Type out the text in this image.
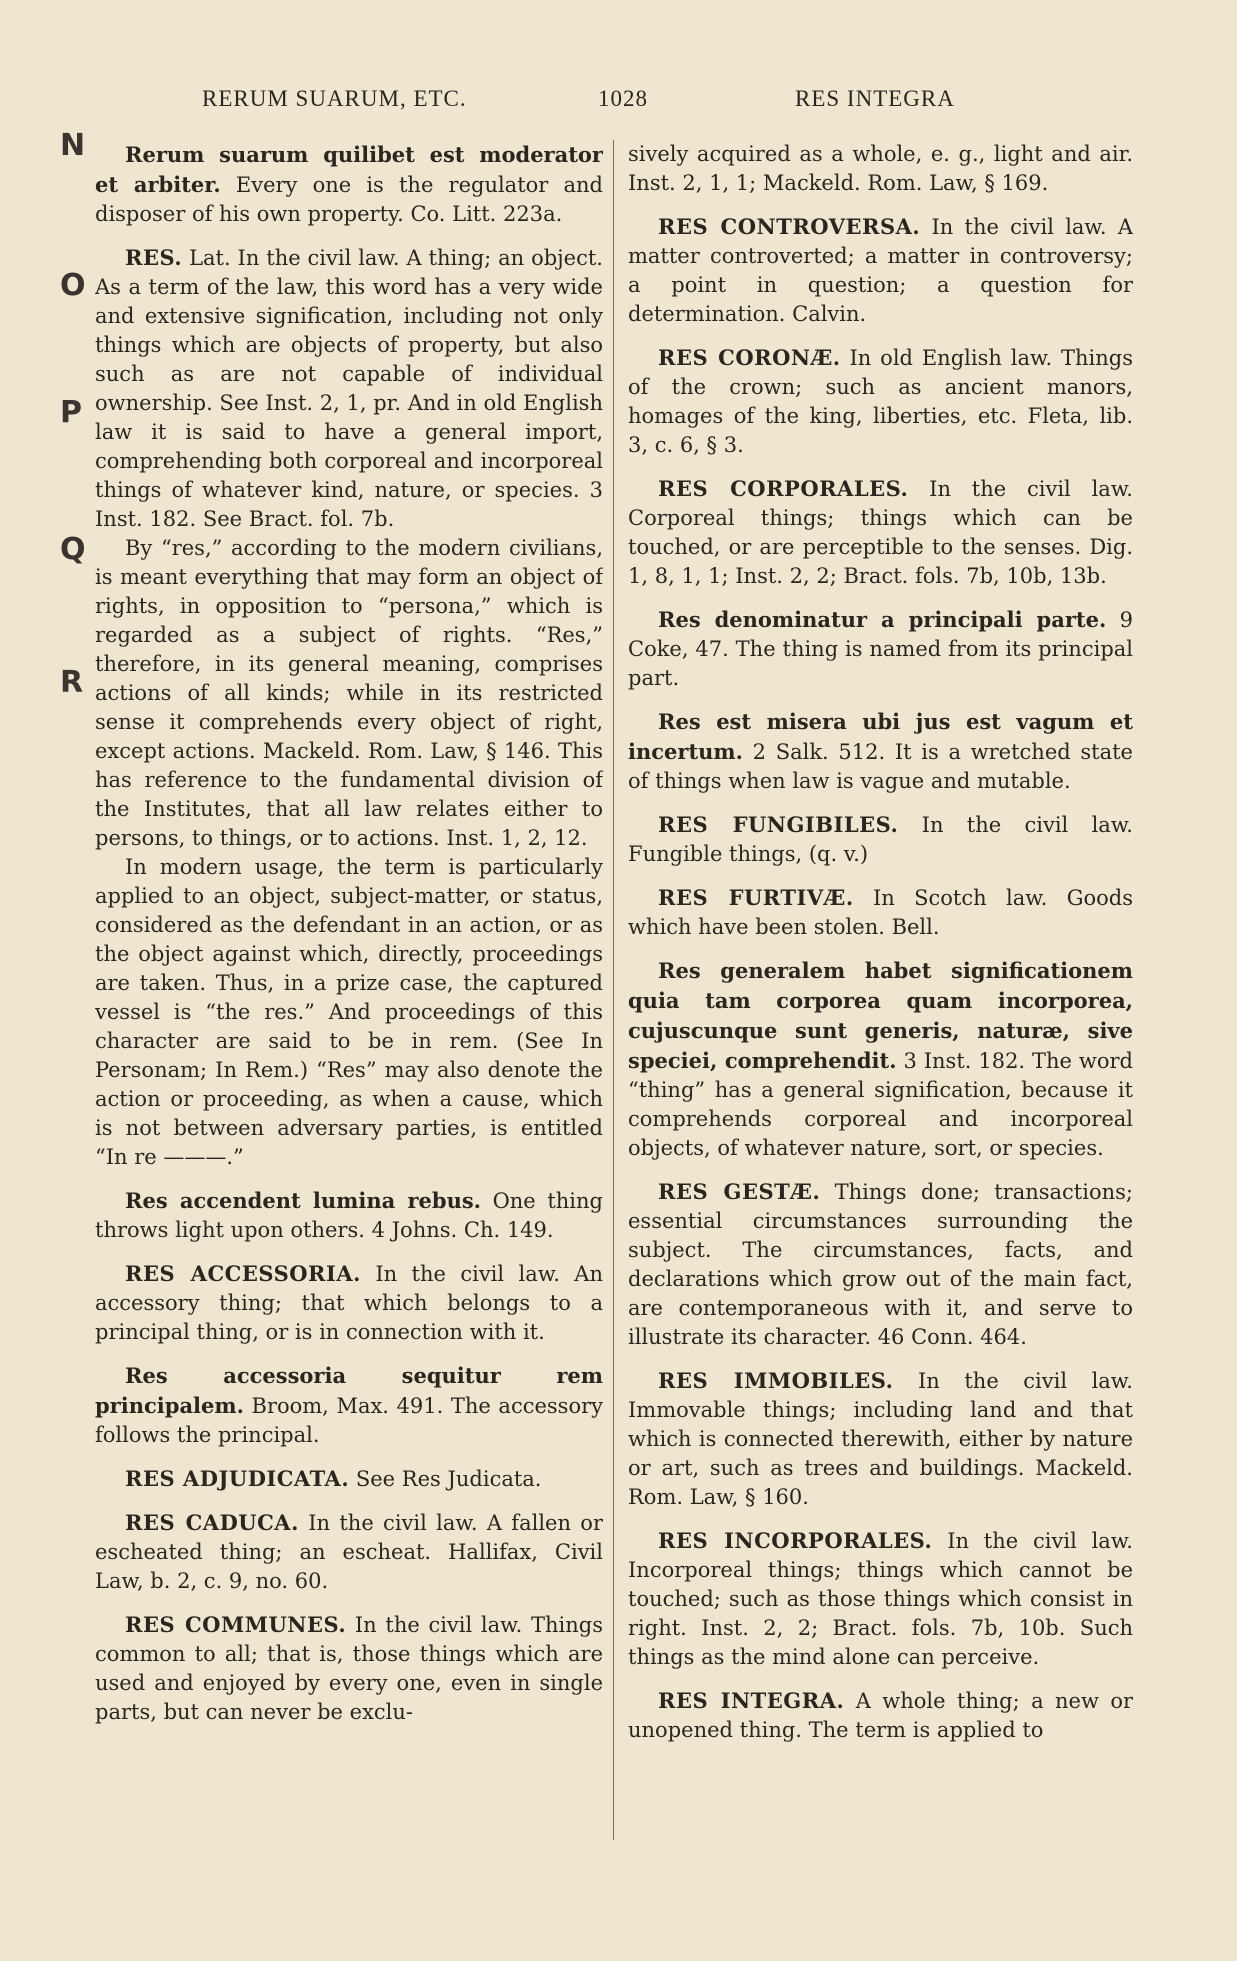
RERUM SUARUM, ETC.	1028	RES INTEGRA
N
O
P
Q
R

Rerum suarum quilibet est moderator et arbiter. Every one is the regulator and disposer of his own property. Co. Litt. 223a.

RES. Lat. In the civil law. A thing; an object. As a term of the law, this word has a very wide and extensive signification, including not only things which are objects of property, but also such as are not capable of individual ownership. See Inst. 2, 1, pr. And in old English law it is said to have a general import, comprehending both corporeal and incorporeal things of whatever kind, nature, or species. 3 Inst. 182. See Bract. fol. 7b.

By “res,” according to the modern civilians, is meant everything that may form an object of rights, in opposition to “persona,” which is regarded as a subject of rights. “Res,” therefore, in its general meaning, comprises actions of all kinds; while in its restricted sense it comprehends every object of right, except actions. Mackeld. Rom. Law, § 146. This has reference to the fundamental division of the Institutes, that all law relates either to persons, to things, or to actions. Inst. 1, 2, 12.

In modern usage, the term is particularly applied to an object, subject-matter, or status, considered as the defendant in an action, or as the object against which, directly, proceedings are taken. Thus, in a prize case, the captured vessel is “the res.” And proceedings of this character are said to be in rem. (See In Personam; In Rem.) “Res” may also denote the action or proceeding, as when a cause, which is not between adversary parties, is entitled “In re ———.”

Res accendent lumina rebus. One thing throws light upon others. 4 Johns. Ch. 149.

RES ACCESSORIA. In the civil law. An accessory thing; that which belongs to a principal thing, or is in connection with it.

Res accessoria sequitur rem principalem. Broom, Max. 491. The accessory follows the principal.

RES ADJUDICATA. See Res Judicata.

RES CADUCA. In the civil law. A fallen or escheated thing; an escheat. Hallifax, Civil Law, b. 2, c. 9, no. 60.

RES COMMUNES. In the civil law. Things common to all; that is, those things which are used and enjoyed by every one, even in single parts, but can never be exclu-

sively acquired as a whole, e. g., light and air. Inst. 2, 1, 1; Mackeld. Rom. Law, § 169.

RES CONTROVERSA. In the civil law. A matter controverted; a matter in controversy; a point in question; a question for determination. Calvin.

RES CORONÆ. In old English law. Things of the crown; such as ancient manors, homages of the king, liberties, etc. Fleta, lib. 3, c. 6, § 3.

RES CORPORALES. In the civil law. Corporeal things; things which can be touched, or are perceptible to the senses. Dig. 1, 8, 1, 1; Inst. 2, 2; Bract. fols. 7b, 10b, 13b.

Res denominatur a principali parte. 9 Coke, 47. The thing is named from its principal part.

Res est misera ubi jus est vagum et incertum. 2 Salk. 512. It is a wretched state of things when law is vague and mutable.

RES FUNGIBILES. In the civil law. Fungible things, (q. v.)

RES FURTIVÆ. In Scotch law. Goods which have been stolen. Bell.

Res generalem habet significationem quia tam corporea quam incorporea, cujuscunque sunt generis, naturæ, sive speciei, comprehendit. 3 Inst. 182. The word “thing” has a general signification, because it comprehends corporeal and incorporeal objects, of whatever nature, sort, or species.

RES GESTÆ. Things done; transactions; essential circumstances surrounding the subject. The circumstances, facts, and declarations which grow out of the main fact, are contemporaneous with it, and serve to illustrate its character. 46 Conn. 464.

RES IMMOBILES. In the civil law. Immovable things; including land and that which is connected therewith, either by nature or art, such as trees and buildings. Mackeld. Rom. Law, § 160.

RES INCORPORALES. In the civil law. Incorporeal things; things which cannot be touched; such as those things which consist in right. Inst. 2, 2; Bract. fols. 7b, 10b. Such things as the mind alone can perceive.

RES INTEGRA. A whole thing; a new or unopened thing. The term is applied to
